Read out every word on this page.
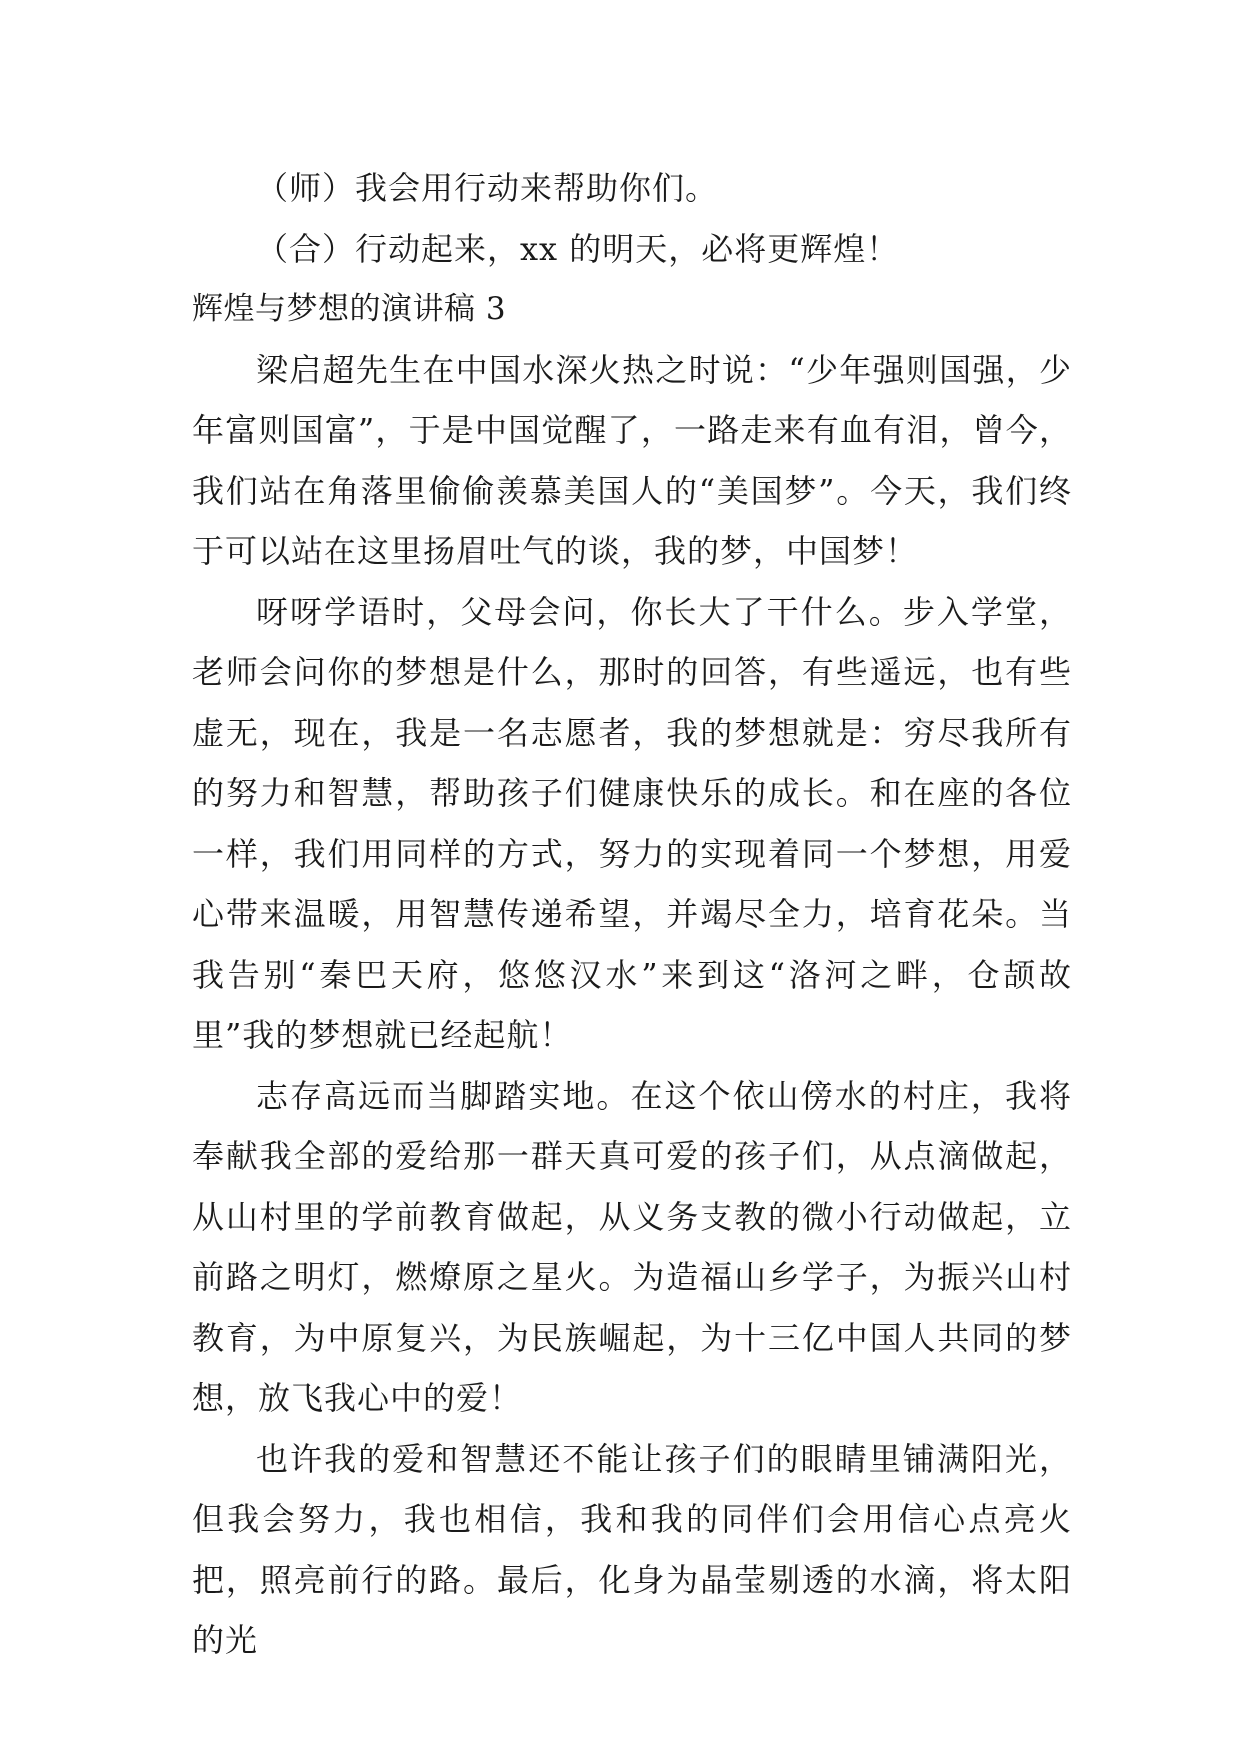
（师）我会用行动来帮助你们。

（合）行动起来，xx 的明天，必将更辉煌！

辉煌与梦想的演讲稿 3

梁启超先生在中国水深火热之时说：“少年强则国强，少年富则国富”，于是中国觉醒了，一路走来有血有泪，曾今，我们站在角落里偷偷羡慕美国人的“美国梦”。今天，我们终于可以站在这里扬眉吐气的谈，我的梦，中国梦！

呀呀学语时，父母会问，你长大了干什么。步入学堂，老师会问你的梦想是什么，那时的回答，有些遥远，也有些虚无，现在，我是一名志愿者，我的梦想就是：穷尽我所有的努力和智慧，帮助孩子们健康快乐的成长。和在座的各位一样，我们用同样的方式，努力的实现着同一个梦想，用爱心带来温暖，用智慧传递希望，并竭尽全力，培育花朵。当我告别“秦巴天府，悠悠汉水”来到这“洛河之畔，仓颉故里”我的梦想就已经起航！

志存高远而当脚踏实地。在这个依山傍水的村庄，我将奉献我全部的爱给那一群天真可爱的孩子们，从点滴做起，从山村里的学前教育做起，从义务支教的微小行动做起，立前路之明灯，燃燎原之星火。为造福山乡学子，为振兴山村教育，为中原复兴，为民族崛起，为十三亿中国人共同的梦想，放飞我心中的爱！

也许我的爱和智慧还不能让孩子们的眼睛里铺满阳光，但我会努力，我也相信，我和我的同伴们会用信心点亮火把，照亮前行的路。最后，化身为晶莹剔透的水滴，将太阳的光
